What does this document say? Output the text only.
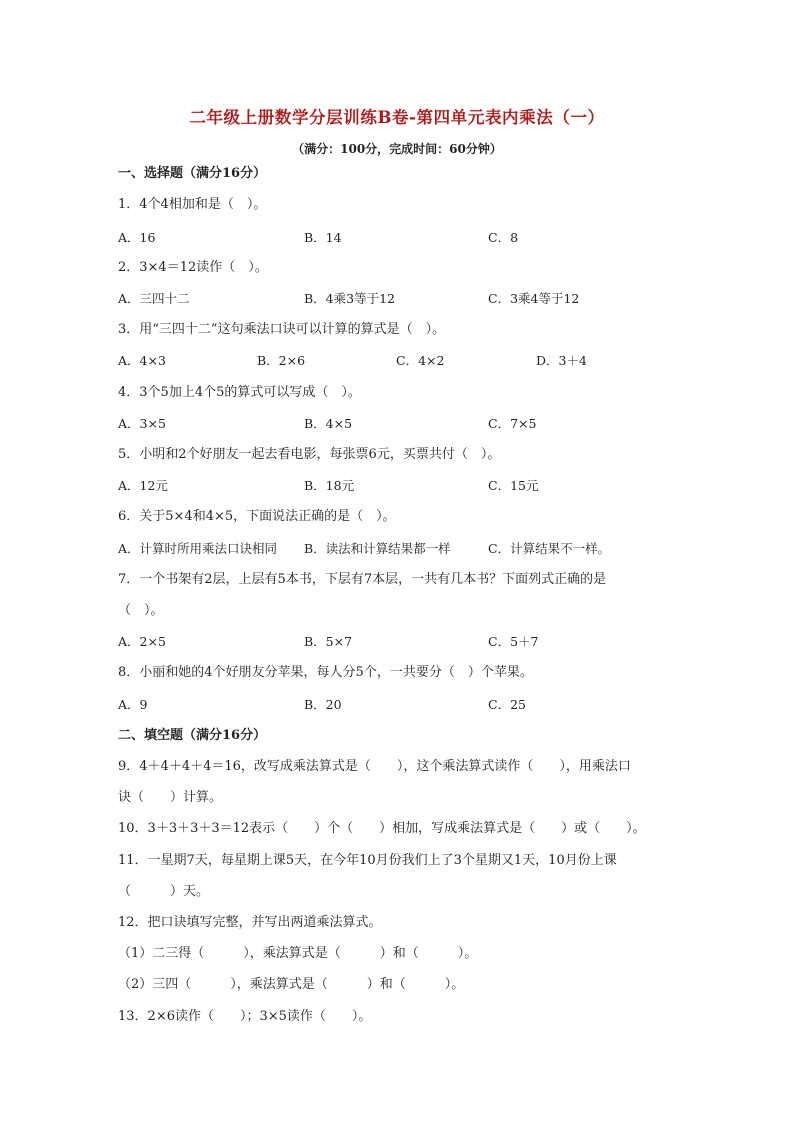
二年级上册数学分层训练B卷-第四单元表内乘法（一）
（满分：100分，完成时间：60分钟）
一、选择题（满分16分）
1．4个4相加和是（　）。
A．16	B．14	C．8
2．3×4＝12读作（　）。
A．三四十二	B．4乘3等于12	C．3乘4等于12
3．用“三四十二”这句乘法口诀可以计算的算式是（　）。
A．4×3	B．2×6	C．4×2	D．3＋4
4．3个5加上4个5的算式可以写成（　）。
A．3×5	B．4×5	C．7×5
5．小明和2个好朋友一起去看电影，每张票6元，买票共付（　）。
A．12元	B．18元	C．15元
6．关于5×4和4×5，下面说法正确的是（　）。
A．计算时所用乘法口诀相同 B．读法和计算结果都一样	C．计算结果不一样。
7．一个书架有2层，上层有5本书，下层有7本层，一共有几本书？下面列式正确的是
（　）。
A．2×5	B．5×7	C．5＋7
8．小丽和她的4个好朋友分苹果，每人分5个，一共要分（　）个苹果。
A．9	B．20	C．25
二、填空题（满分16分）
9．4＋4＋4＋4＝16，改写成乘法算式是（　　），这个乘法算式读作（　　），用乘法口
诀（　　）计算。
10．3＋3＋3＋3＝12表示（　　）个（　　）相加，写成乘法算式是（　　）或（　　）。
11．一星期7天，每星期上课5天，在今年10月份我们上了3个星期又1天，10月份上课
（　　　）天。
12．把口诀填写完整，并写出两道乘法算式。
（1）二三得（　　　），乘法算式是（　　　）和（　　　）。
（2）三四（　　　），乘法算式是（　　　）和（　　　）。
13．2×6读作（　　）；3×5读作（　　）。
